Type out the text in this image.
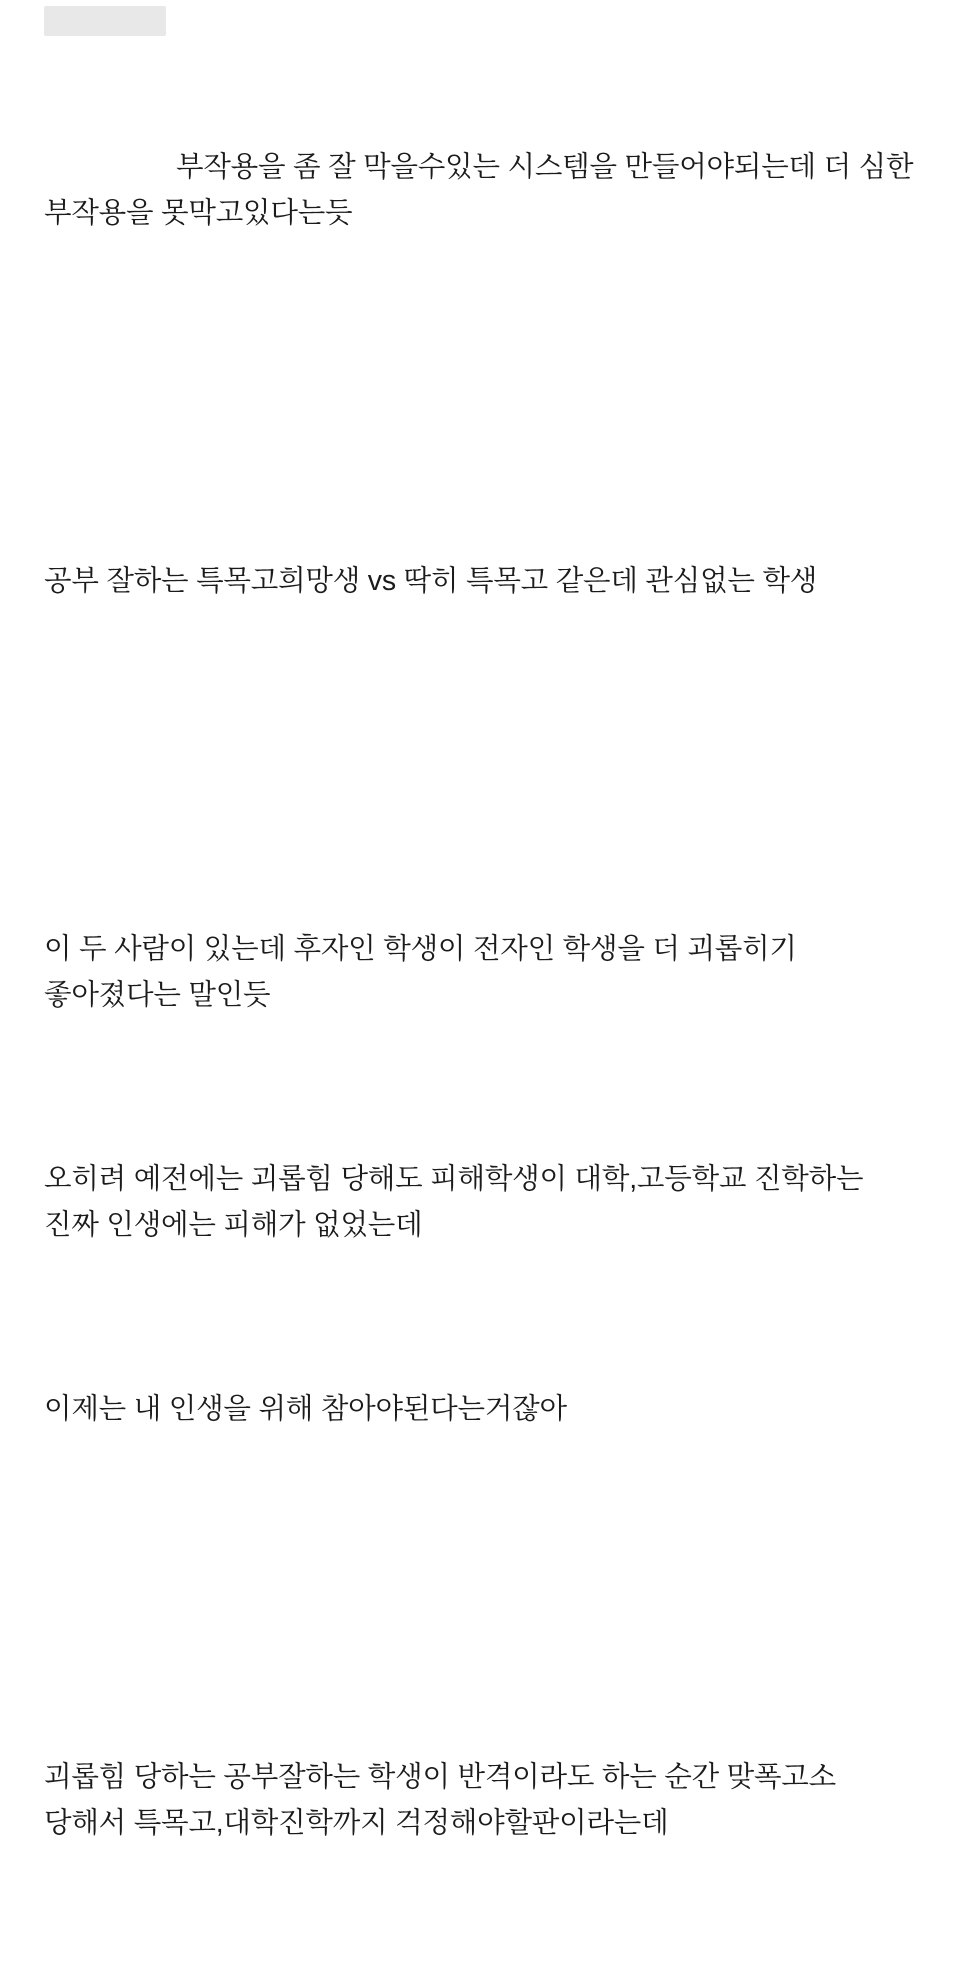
부작용을 좀 잘 막을수있는 시스템을 만들어야되는데 더 심한 부작용을 못막고있다는듯

공부 잘하는 특목고희망생 vs 딱히 특목고 같은데 관심없는 학생

이 두 사람이 있는데 후자인 학생이 전자인 학생을 더 괴롭히기 좋아졌다는 말인듯

오히려 예전에는 괴롭힘 당해도 피해학생이 대학,고등학교 진학하는 진짜 인생에는 피해가 없었는데

이제는 내 인생을 위해 참아야된다는거잖아

괴롭힘 당하는 공부잘하는 학생이 반격이라도 하는 순간 맞폭고소 당해서 특목고,대학진학까지 걱정해야할판이라는데
